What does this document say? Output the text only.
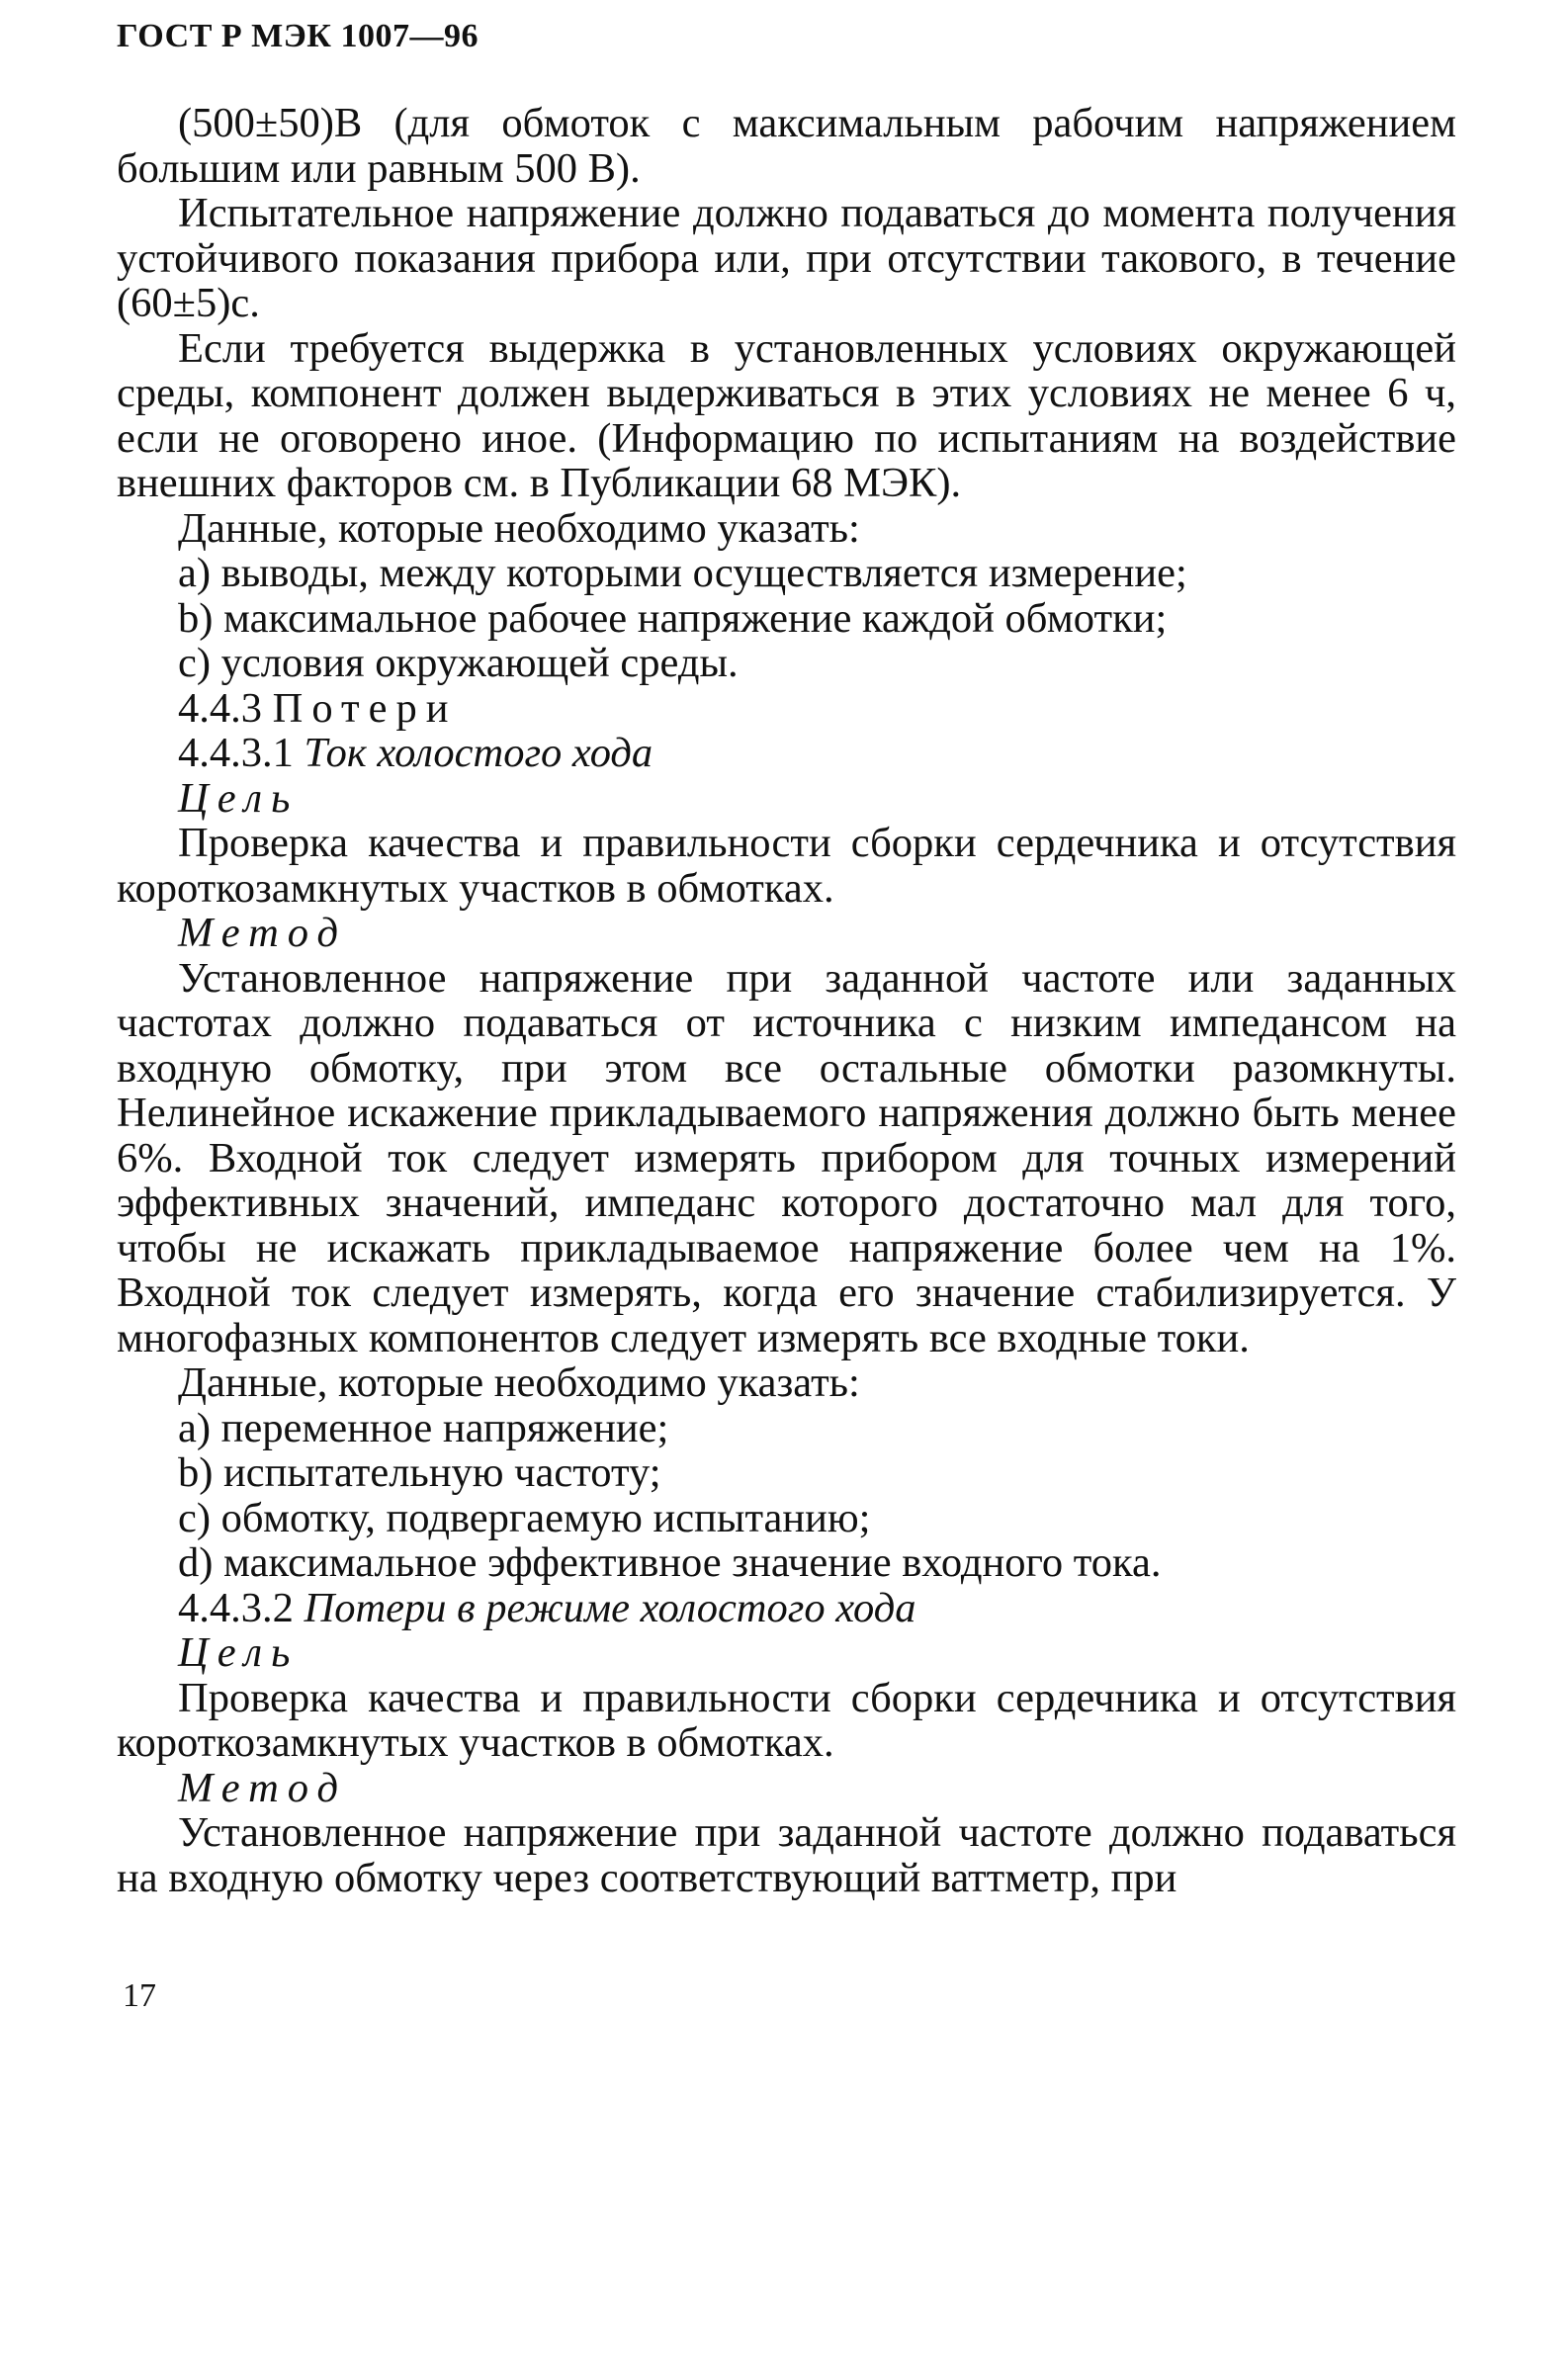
ГОСТ Р МЭК 1007—96

(500±50)В (для обмоток с максимальным рабочим напряжением большим или равным 500 В).

Испытательное напряжение должно подаваться до момента получения устойчивого показания прибора или, при отсутствии такового, в течение (60±5)с.

Если требуется выдержка в установленных условиях окружающей среды, компонент должен выдерживаться в этих условиях не менее 6 ч, если не оговорено иное. (Информацию по испытаниям на воздействие внешних факторов см. в Публикации 68 МЭК).

Данные, которые необходимо указать:

а) выводы, между которыми осуществляется измерение;

b) максимальное рабочее напряжение каждой обмотки;

с) условия окружающей среды.

4.4.3 Потери

4.4.3.1 Ток холостого хода

Цель

Проверка качества и правильности сборки сердечника и отсутствия короткозамкнутых участков в обмотках.

Метод

Установленное напряжение при заданной частоте или заданных частотах должно подаваться от источника с низким импедансом на входную обмотку, при этом все остальные обмотки разомкнуты. Нелинейное искажение прикладываемого напряжения должно быть менее 6%. Входной ток следует измерять прибором для точных измерений эффективных значений, импеданс которого достаточно мал для того, чтобы не искажать прикладываемое напряжение более чем на 1%. Входной ток следует измерять, когда его значение стабилизируется. У многофазных компонентов следует измерять все входные токи.

Данные, которые необходимо указать:

а) переменное напряжение;

b) испытательную частоту;

с) обмотку, подвергаемую испытанию;

d) максимальное эффективное значение входного тока.

4.4.3.2 Потери в режиме холостого хода

Цель

Проверка качества и правильности сборки сердечника и отсутствия короткозамкнутых участков в обмотках.

Метод

Установленное напряжение при заданной частоте должно подаваться на входную обмотку через соответствующий ваттметр, при

17
